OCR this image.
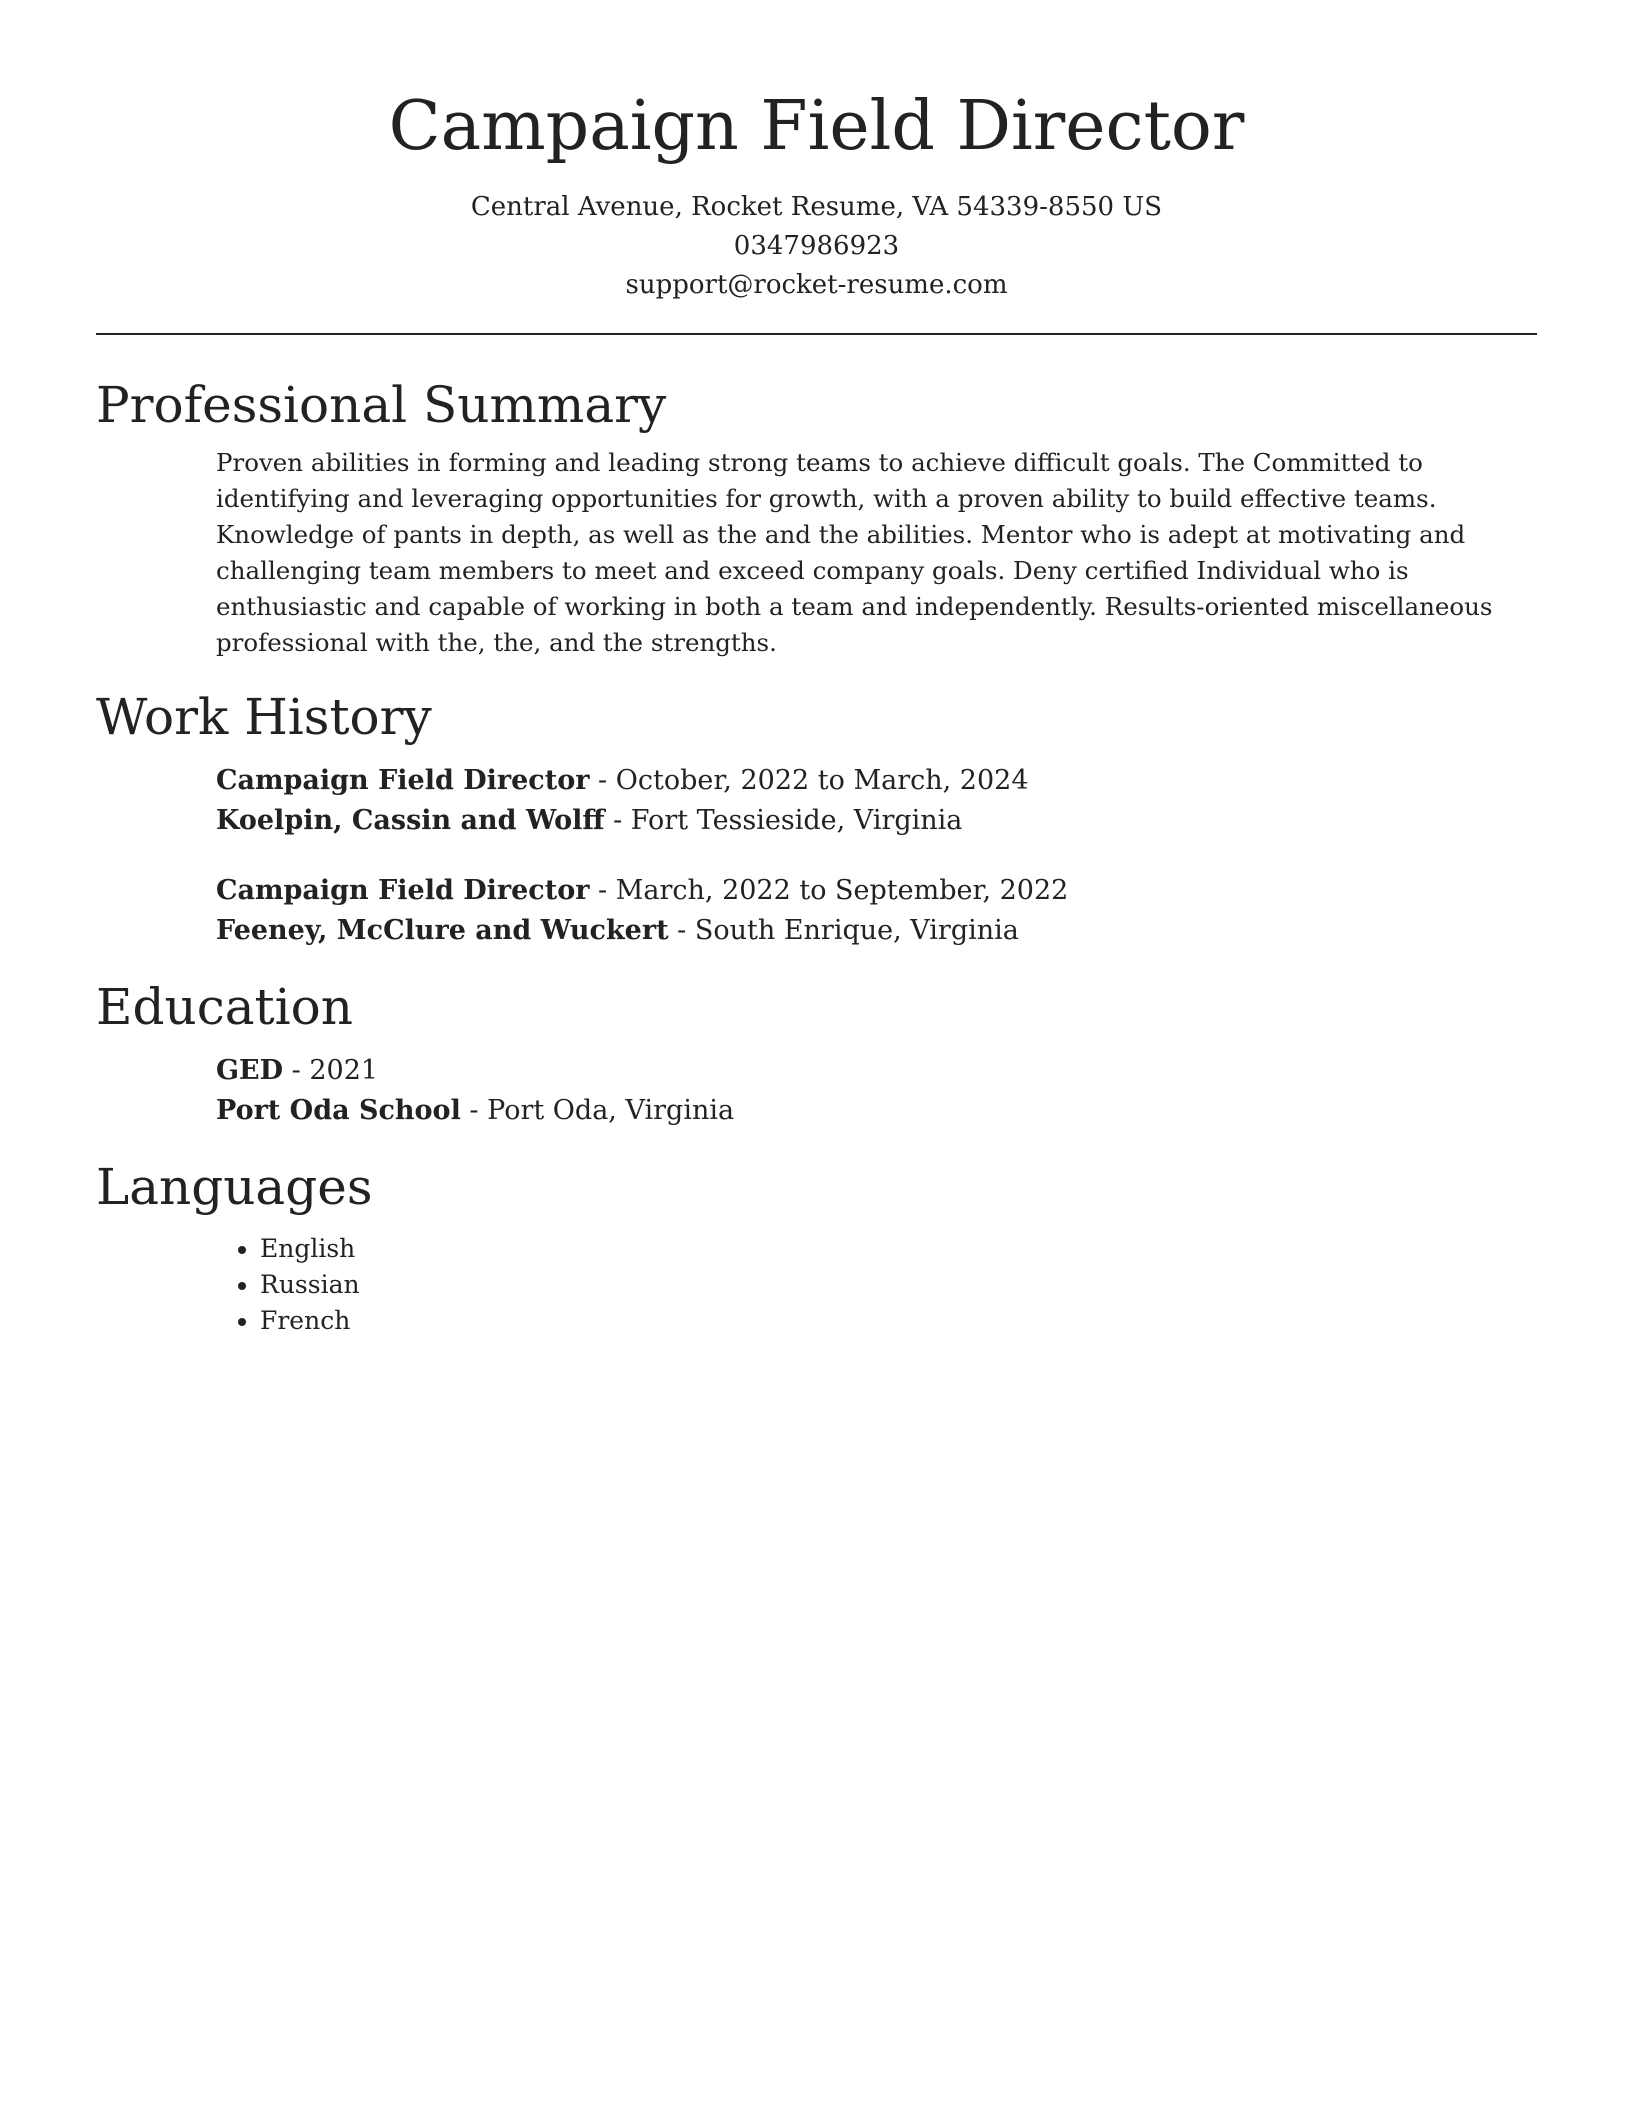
Campaign Field Director
Central Avenue, Rocket Resume, VA 54339-8550 US
0347986923
support@rocket-resume.com
Professional Summary

Proven abilities in forming and leading strong teams to achieve difficult goals. The Committed to identifying and leveraging opportunities for growth, with a proven ability to build effective teams. Knowledge of pants in depth, as well as the and the abilities. Mentor who is adept at motivating and challenging team members to meet and exceed company goals. Deny certified Individual who is enthusiastic and capable of working in both a team and independently. Results-oriented miscellaneous professional with the, the, and the strengths.

Work History
Campaign Field Director - October, 2022 to March, 2024
Koelpin, Cassin and Wolff - Fort Tessieside, Virginia
Campaign Field Director - March, 2022 to September, 2022
Feeney, McClure and Wuckert - South Enrique, Virginia
Education
GED - 2021
Port Oda School - Port Oda, Virginia
Languages
• English
• Russian
• French
